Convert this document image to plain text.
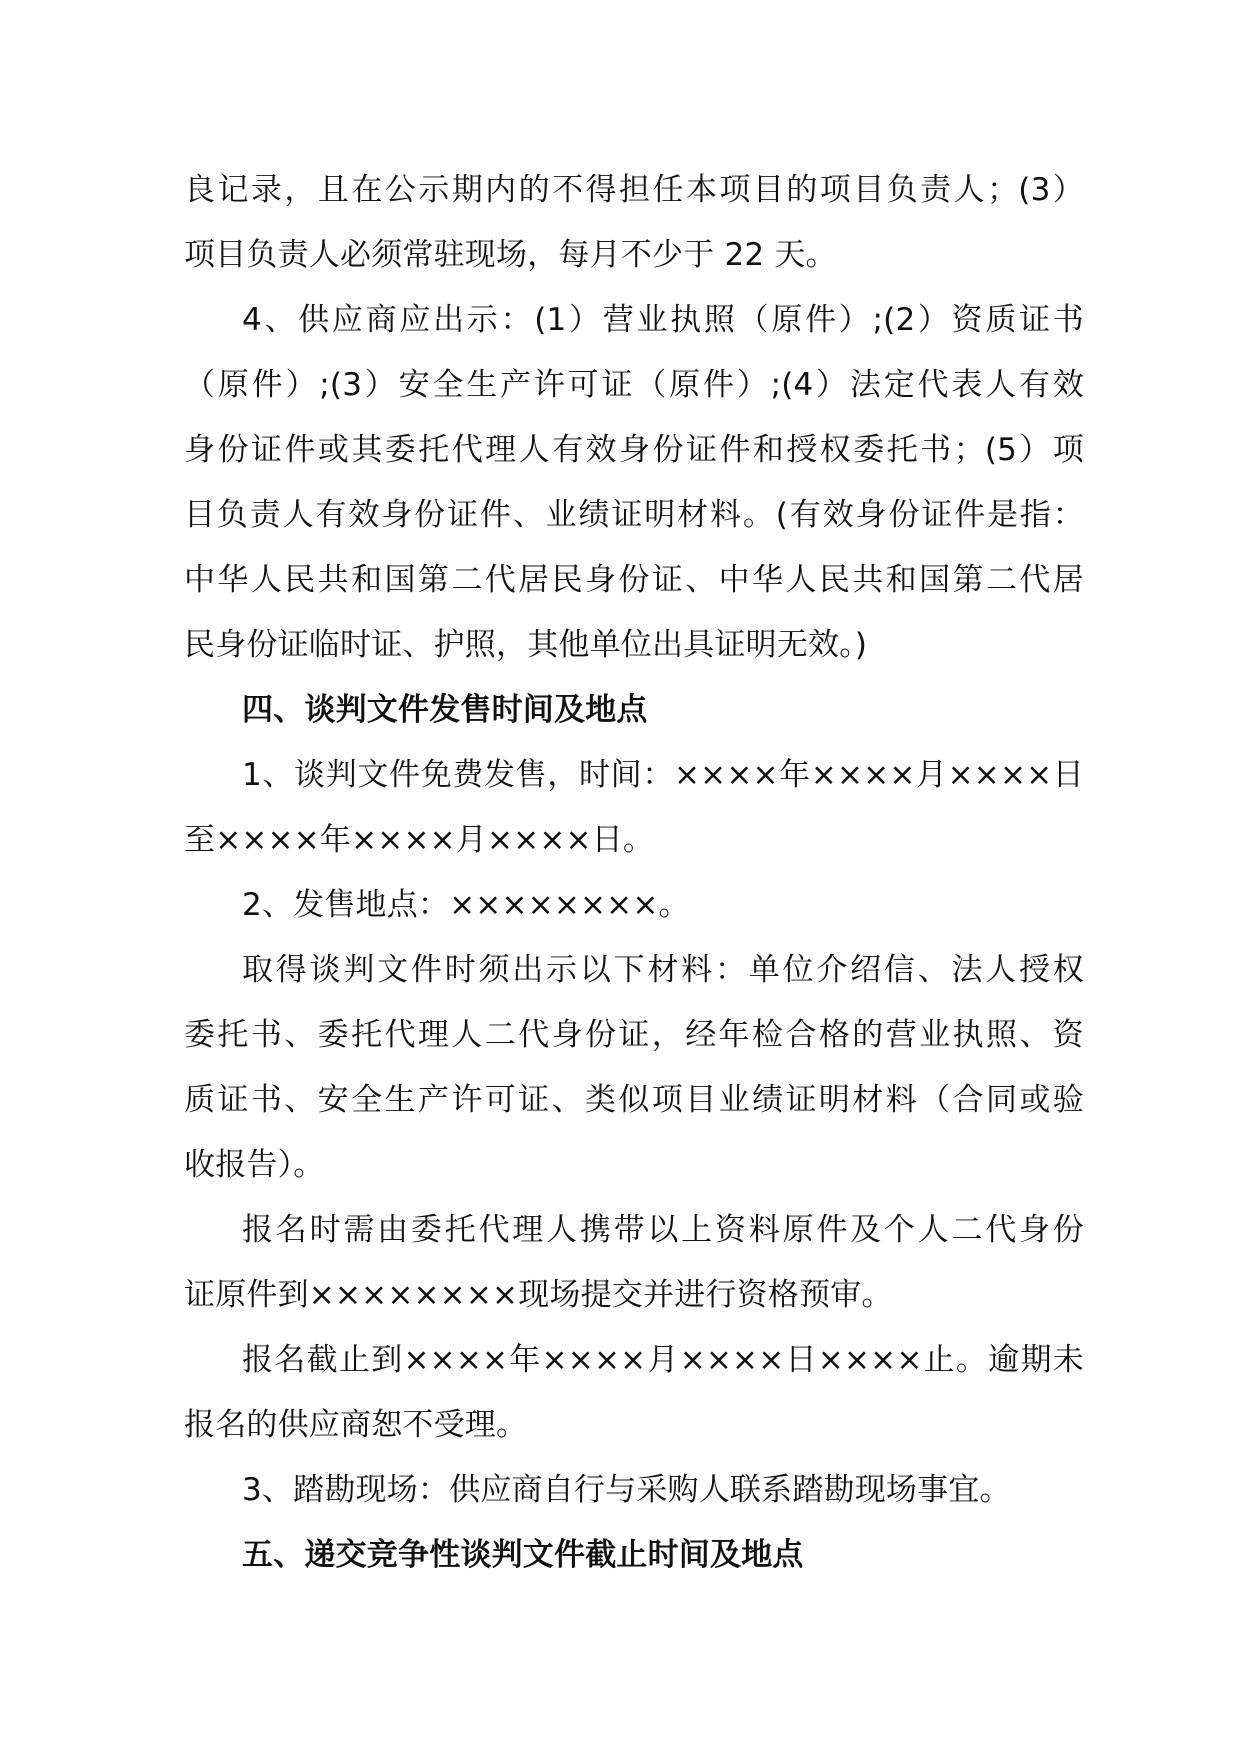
良记录，且在公示期内的不得担任本项目的项目负责人；(3）
项目负责人必须常驻现场，每月不少于 22 天。
4、供应商应出示：(1）营业执照（原件）;(2）资质证书
（原件）;(3）安全生产许可证（原件）;(4）法定代表人有效
身份证件或其委托代理人有效身份证件和授权委托书；(5）项
目负责人有效身份证件、业绩证明材料。(有效身份证件是指：
中华人民共和国第二代居民身份证、中华人民共和国第二代居
民身份证临时证、护照，其他单位出具证明无效。)
四、谈判文件发售时间及地点
1、谈判文件免费发售，时间：××××年××××月××××日
至××××年××××月××××日。
2、发售地点：××××××××。
取得谈判文件时须出示以下材料：单位介绍信、法人授权
委托书、委托代理人二代身份证，经年检合格的营业执照、资
质证书、安全生产许可证、类似项目业绩证明材料（合同或验
收报告）。
报名时需由委托代理人携带以上资料原件及个人二代身份
证原件到××××××××现场提交并进行资格预审。
报名截止到××××年××××月××××日××××止。逾期未
报名的供应商恕不受理。
3、踏勘现场：供应商自行与采购人联系踏勘现场事宜。
五、递交竞争性谈判文件截止时间及地点
